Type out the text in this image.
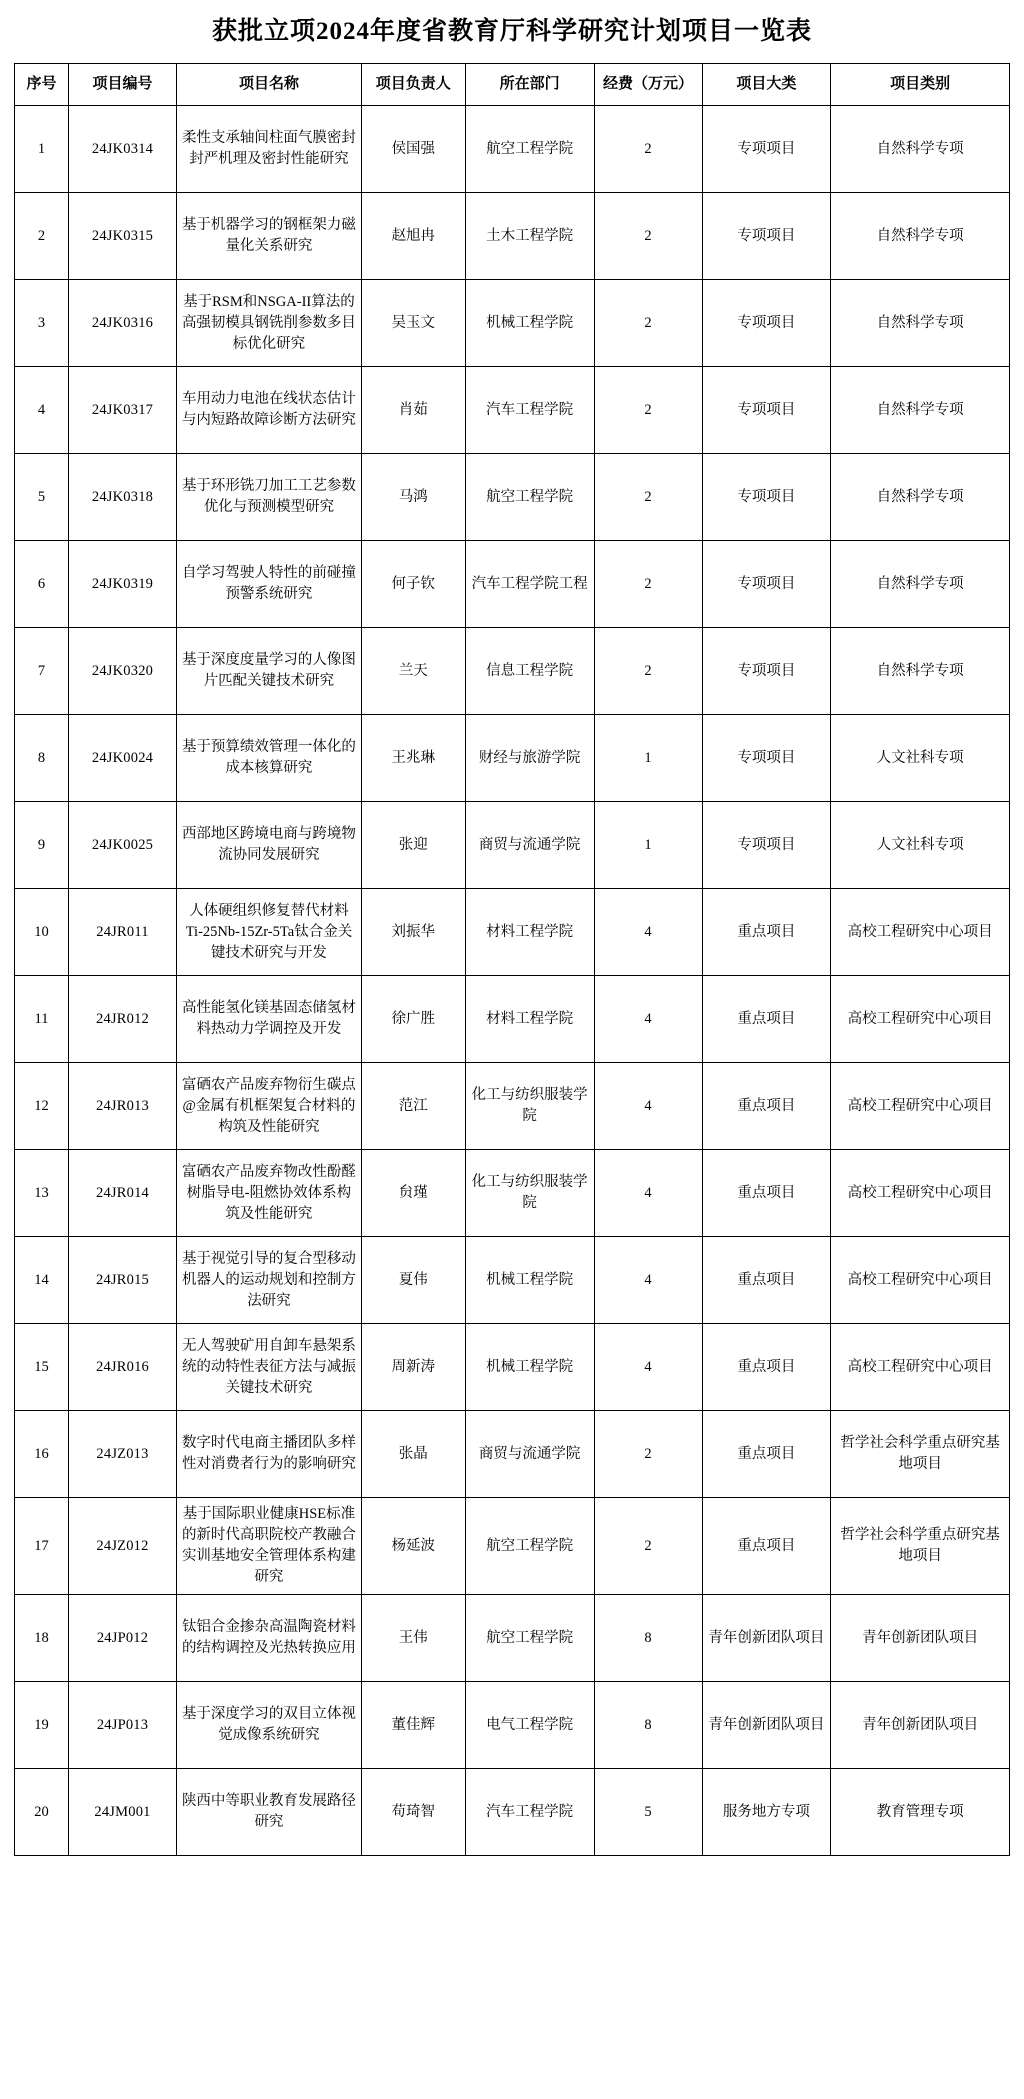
获批立项2024年度省教育厅科学研究计划项目一览表
序号	项目编号	项目名称	项目负责人	所在部门	经费（万元）	项目大类	项目类别
1	24JK0314	柔性支承轴间柱面气膜密封封严机理及密封性能研究	侯国强	航空工程学院	2	专项项目	自然科学专项
2	24JK0315	基于机器学习的钢框架力磁量化关系研究	赵旭冉	土木工程学院	2	专项项目	自然科学专项
3	24JK0316	基于RSM和NSGA-II算法的高强韧模具钢铣削参数多目标优化研究	吴玉文	机械工程学院	2	专项项目	自然科学专项
4	24JK0317	车用动力电池在线状态估计与内短路故障诊断方法研究	肖茹	汽车工程学院	2	专项项目	自然科学专项
5	24JK0318	基于环形铣刀加工工艺参数优化与预测模型研究	马鸿	航空工程学院	2	专项项目	自然科学专项
6	24JK0319	自学习驾驶人特性的前碰撞预警系统研究	何子钦	汽车工程学院工程	2	专项项目	自然科学专项
7	24JK0320	基于深度度量学习的人像图片匹配关键技术研究	兰天	信息工程学院	2	专项项目	自然科学专项
8	24JK0024	基于预算绩效管理一体化的成本核算研究	王兆琳	财经与旅游学院	1	专项项目	人文社科专项
9	24JK0025	西部地区跨境电商与跨境物流协同发展研究	张迎	商贸与流通学院	1	专项项目	人文社科专项
10	24JR011	人体硬组织修复替代材料Ti-25Nb-15Zr-5Ta钛合金关键技术研究与开发	刘振华	材料工程学院	4	重点项目	高校工程研究中心项目
11	24JR012	高性能氢化镁基固态储氢材料热动力学调控及开发	徐广胜	材料工程学院	4	重点项目	高校工程研究中心项目
12	24JR013	富硒农产品废弃物衍生碳点@金属有机框架复合材料的构筑及性能研究	范江	化工与纺织服装学院	4	重点项目	高校工程研究中心项目
13	24JR014	富硒农产品废弃物改性酚醛树脂导电-阻燃协效体系构筑及性能研究	贠瑾	化工与纺织服装学院	4	重点项目	高校工程研究中心项目
14	24JR015	基于视觉引导的复合型移动机器人的运动规划和控制方法研究	夏伟	机械工程学院	4	重点项目	高校工程研究中心项目
15	24JR016	无人驾驶矿用自卸车悬架系统的动特性表征方法与减振关键技术研究	周新涛	机械工程学院	4	重点项目	高校工程研究中心项目
16	24JZ013	数字时代电商主播团队多样性对消费者行为的影响研究	张晶	商贸与流通学院	2	重点项目	哲学社会科学重点研究基地项目
17	24JZ012	基于国际职业健康HSE标准的新时代高职院校产教融合实训基地安全管理体系构建研究	杨延波	航空工程学院	2	重点项目	哲学社会科学重点研究基地项目
18	24JP012	钛铝合金掺杂高温陶瓷材料的结构调控及光热转换应用	王伟	航空工程学院	8	青年创新团队项目	青年创新团队项目
19	24JP013	基于深度学习的双目立体视觉成像系统研究	董佳辉	电气工程学院	8	青年创新团队项目	青年创新团队项目
20	24JM001	陕西中等职业教育发展路径研究	苟琦智	汽车工程学院	5	服务地方专项	教育管理专项
